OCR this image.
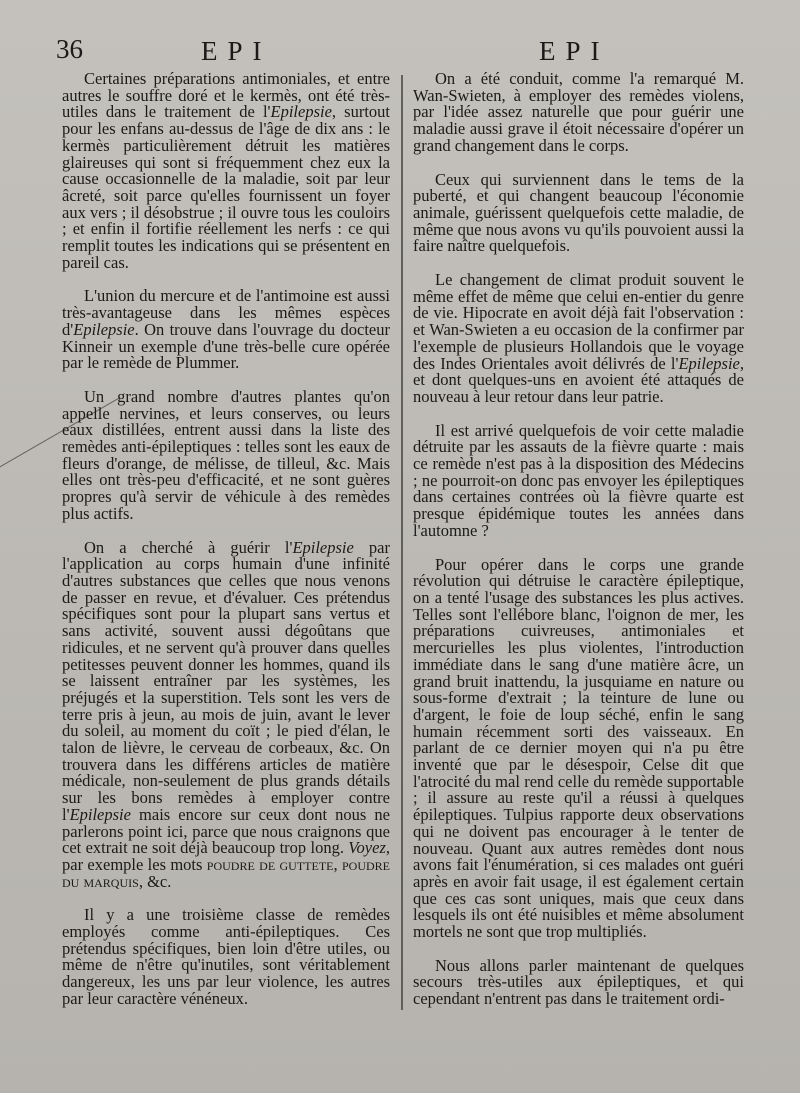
36	EPI	EPI

Certaines préparations antimoniales, et entre autres le souffre doré et le kermès, ont été très-utiles dans le traitement de l'Epilepsie, surtout pour les enfans au-dessus de l'âge de dix ans : le kermès particulièrement détruit les matières glaireuses qui sont si fréquemment chez eux la cause occasionnelle de la maladie, soit par leur âcreté, soit parce qu'elles fournissent un foyer aux vers ; il désobstrue ; il ouvre tous les couloirs ; et enfin il fortifie réellement les nerfs : ce qui remplit toutes les indications qui se présentent en pareil cas.

L'union du mercure et de l'antimoine est aussi très-avantageuse dans les mêmes espèces d'Epilepsie. On trouve dans l'ouvrage du docteur Kinneir un exemple d'une très-belle cure opérée par le remède de Plummer.

Un grand nombre d'autres plantes qu'on appelle nervines, et leurs conserves, ou leurs eaux distillées, entrent aussi dans la liste des remèdes anti-épileptiques : telles sont les eaux de fleurs d'orange, de mélisse, de tilleul, &c. Mais elles ont très-peu d'efficacité, et ne sont guères propres qu'à servir de véhicule à des remèdes plus actifs.

On a cherché à guérir l'Epilepsie par l'application au corps humain d'une infinité d'autres substances que celles que nous venons de passer en revue, et d'évaluer. Ces prétendus spécifiques sont pour la plupart sans vertus et sans activité, souvent aussi dégoûtans que ridicules, et ne servent qu'à prouver dans quelles petitesses peuvent donner les hommes, quand ils se laissent entraîner par les systèmes, les préjugés et la superstition. Tels sont les vers de terre pris à jeun, au mois de juin, avant le lever du soleil, au moment du coït ; le pied d'élan, le talon de lièvre, le cerveau de corbeaux, &c. On trouvera dans les différens articles de matière médicale, non-seulement de plus grands détails sur les bons remèdes à employer contre l'Epilepsie mais encore sur ceux dont nous ne parlerons point ici, parce que nous craignons que cet extrait ne soit déjà beaucoup trop long. Voyez, par exemple les mots poudre de guttete, poudre du marquis, &c.

Il y a une troisième classe de remèdes employés comme anti-épileptiques. Ces prétendus spécifiques, bien loin d'être utiles, ou même de n'être qu'inutiles, sont véritablement dangereux, les uns par leur violence, les autres par leur caractère vénéneux.

On a été conduit, comme l'a remarqué M. Wan-Swieten, à employer des remèdes violens, par l'idée assez naturelle que pour guérir une maladie aussi grave il étoit nécessaire d'opérer un grand changement dans le corps.

Ceux qui surviennent dans le tems de la puberté, et qui changent beaucoup l'économie animale, guérissent quelquefois cette maladie, de même que nous avons vu qu'ils pouvoient aussi la faire naître quelquefois.

Le changement de climat produit souvent le même effet de même que celui en-entier du genre de vie. Hipocrate en avoit déjà fait l'observation : et Wan-Swieten a eu occasion de la confirmer par l'exemple de plusieurs Hollandois que le voyage des Indes Orientales avoit délivrés de l'Epilepsie, et dont quelques-uns en avoient été attaqués de nouveau à leur retour dans leur patrie.

Il est arrivé quelquefois de voir cette maladie détruite par les assauts de la fièvre quarte : mais ce remède n'est pas à la disposition des Médecins ; ne pourroit-on donc pas envoyer les épileptiques dans certaines contrées où la fièvre quarte est presque épidémique toutes les années dans l'automne ?

Pour opérer dans le corps une grande révolution qui détruise le caractère épileptique, on a tenté l'usage des substances les plus actives. Telles sont l'ellébore blanc, l'oignon de mer, les préparations cuivreuses, antimoniales et mercurielles les plus violentes, l'introduction immédiate dans le sang d'une matière âcre, un grand bruit inattendu, la jusquiame en nature ou sous-forme d'extrait ; la teinture de lune ou d'argent, le foie de loup séché, enfin le sang humain récemment sorti des vaisseaux. En parlant de ce dernier moyen qui n'a pu être inventé que par le désespoir, Celse dit que l'atrocité du mal rend celle du remède supportable ; il assure au reste qu'il a réussi à quelques épileptiques. Tulpius rapporte deux observations qui ne doivent pas encourager à le tenter de nouveau. Quant aux autres remèdes dont nous avons fait l'énumération, si ces malades ont guéri après en avoir fait usage, il est également certain que ces cas sont uniques, mais que ceux dans lesquels ils ont été nuisibles et même absolument mortels ne sont que trop multipliés.

Nous allons parler maintenant de quelques secours très-utiles aux épileptiques, et qui cependant n'entrent pas dans le traitement ordi-
